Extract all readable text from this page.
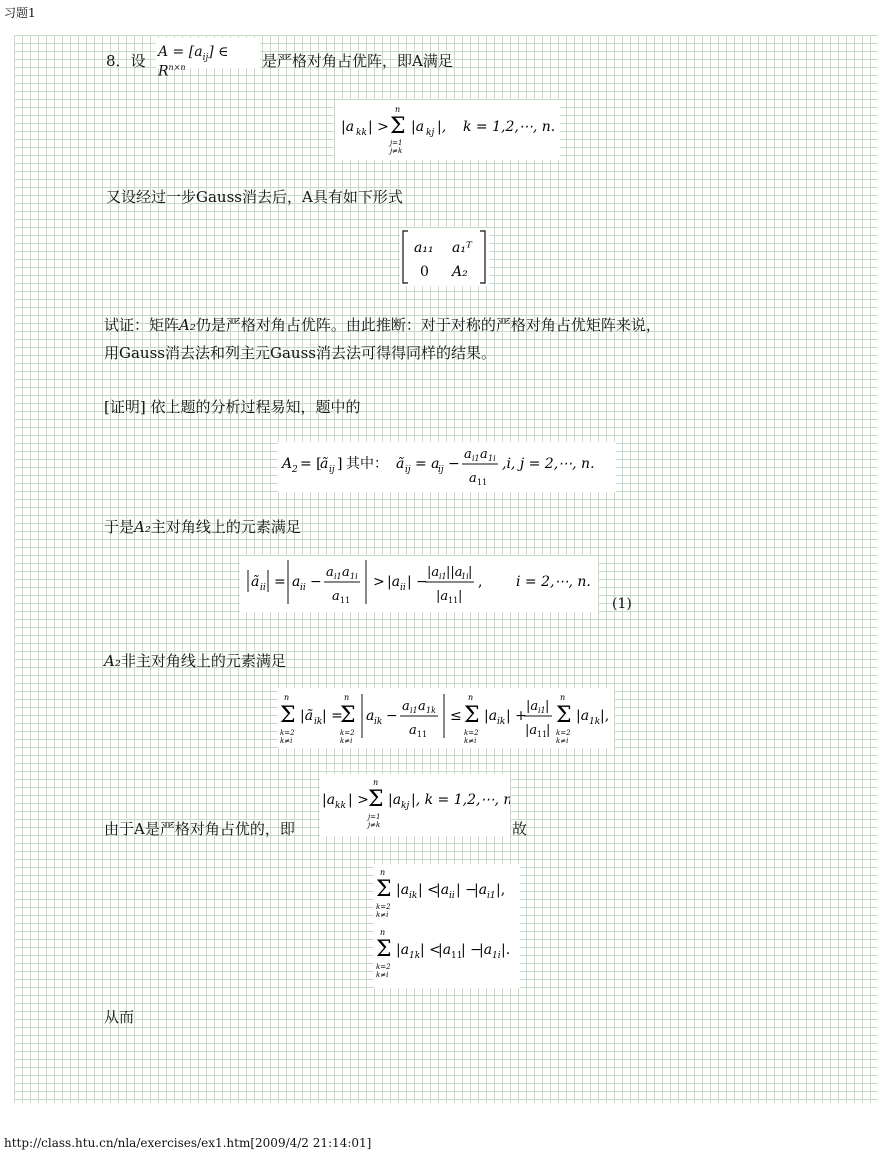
习题1
8．设 $A = [a_{ij}]$ ∈ $R^{n\times n}$	是严格对角占优阵，即A满足
|a kk | > Σ
n
j=1
j≠k
|a kj |, k = 1,2,⋯, n.
又设经过一步Gauss消去后，A具有如下形式
a₁₁ a₁ᵀ
0 A₂
试证：矩阵A₂仍是严格对角占优阵。由此推断：对于对称的严格对角占优矩阵来说，
用Gauss消去法和列主元Gauss消去法可得得同样的结果。
[证明] 依上题的分析过程易知，题中的
A 2 = [
ã ij ] 其中： ã ij = a
ij −
a i1 a 1i
a 11
,i, j = 2,⋯, n.
于是A₂主对角线上的元素满足
ã ii = a ii −
a i1 a 1i
a 11
> |a ii | −
|a i1 ||a
1i |
|a 11 |
, i = 2,⋯, n.
(1)
A₂非主对角线上的元素满足
Σ
n
k=2
k≠i
|ã ik | =
Σ
n
k=2
k≠i
a ik −
a i1 a 1k
a 11
≤ Σ
n
k=2
k≠i
|a ik | +
|a i1 |
|a 11
|
Σ
n
k=2
k≠i
|a 1k |,
由于A是严格对角占优的，即
|a kk | > Σ
n
j=1
j≠k
|a kj |, k = 1,2,⋯, n.
故
Σ
n
k=2
k≠i
|a ik | <
|a ii | −
|a i1 |,
Σ
n
k=2
k≠i
|a 1k | <
|a 11
| −
|a 1i |.
从而
http://class.htu.cn/nla/exercises/ex1.htm[2009/4/2 21:14:01]
